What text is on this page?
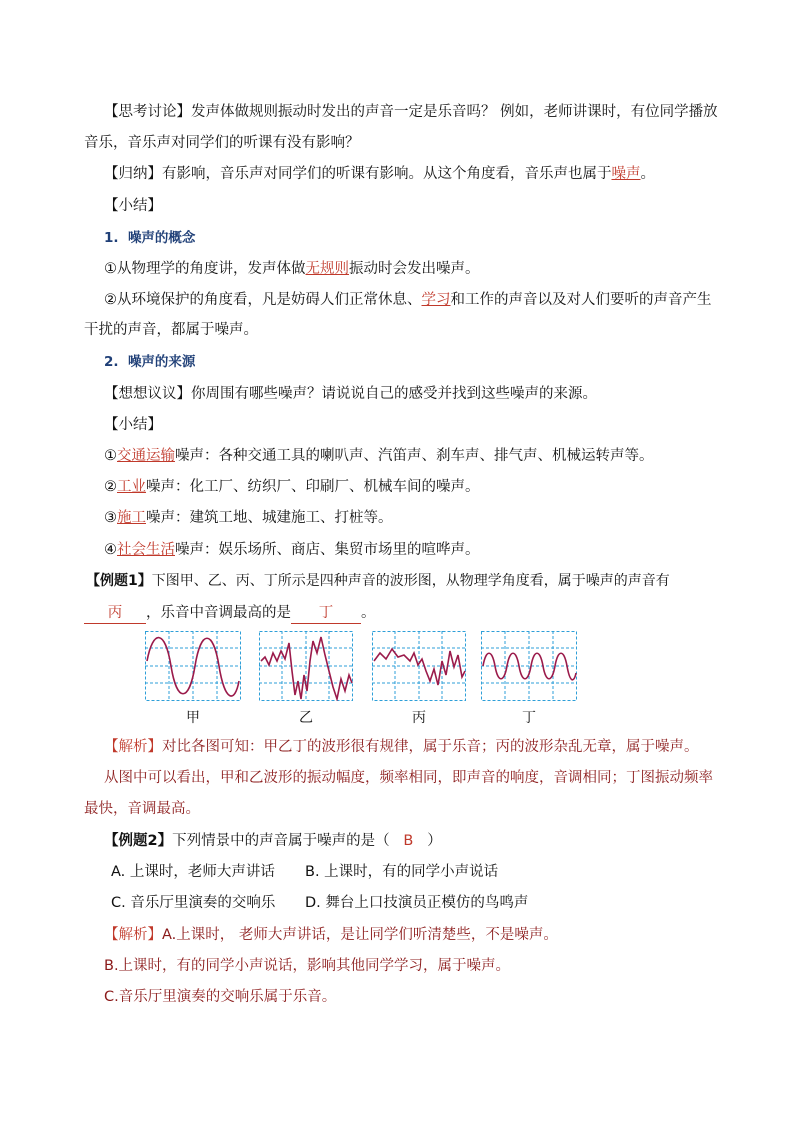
【思考讨论】发声体做规则振动时发出的声音一定是乐音吗？ 例如，老师讲课时，有位同学播放
音乐，音乐声对同学们的听课有没有影响？
【归纳】有影响，音乐声对同学们的听课有影响。从这个角度看，音乐声也属于噪声。
【小结】
1. 噪声的概念
①从物理学的角度讲，发声体做无规则振动时会发出噪声。
②从环境保护的角度看，凡是妨碍人们正常休息、学习和工作的声音以及对人们要听的声音产生
干扰的声音，都属于噪声。
2. 噪声的来源
【想想议议】你周围有哪些噪声？请说说自己的感受并找到这些噪声的来源。
【小结】
①交通运输噪声：各种交通工具的喇叭声、汽笛声、刹车声、排气声、机械运转声等。
②工业噪声：化工厂、纺织厂、印刷厂、机械车间的噪声。
③施工噪声：建筑工地、城建施工、打桩等。
④社会生活噪声：娱乐场所、商店、集贸市场里的喧哗声。
【例题1】下图甲、乙、丙、丁所示是四种声音的波形图，从物理学角度看，属于噪声的声音有
丙 ，乐音中音调最高的是 丁 。
甲	乙	丙	丁
【解析】对比各图可知：甲乙丁的波形很有规律，属于乐音；丙的波形杂乱无章，属于噪声。
从图中可以看出，甲和乙波形的振动幅度，频率相同，即声音的响度，音调相同；丁图振动频率
最快，音调最高。
【例题2】下列情景中的声音属于噪声的是（ B ）
A. 上课时，老师大声讲话 B. 上课时，有的同学小声说话
C. 音乐厅里演奏的交响乐 D. 舞台上口技演员正模仿的鸟鸣声
【解析】A.上课时， 老师大声讲话，是让同学们听清楚些，不是噪声。
B.上课时，有的同学小声说话，影响其他同学学习，属于噪声。
C.音乐厅里演奏的交响乐属于乐音。
